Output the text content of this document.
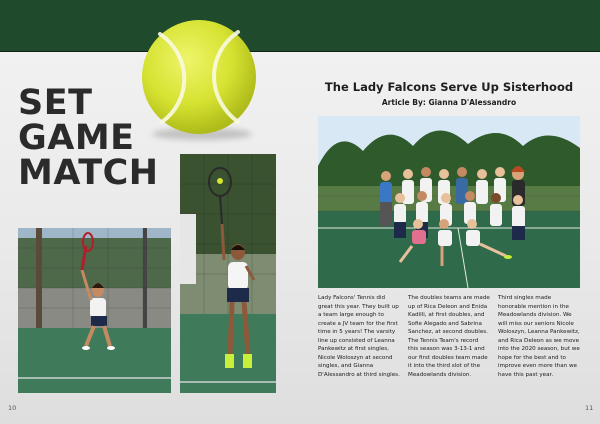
SET
GAME
MATCH
The Lady Falcons Serve Up Sisterhood
Article By: Gianna D'Alessandro
Lady Falcons' Tennis did great this year. They built up a team large enough to create a JV team for the first time in 5 years! The varsity line up consisted of Leanna Pankewitz at first singles, Nicole Woloszyn at second singles, and Gianna D'Alessandro at third singles.
The doubles teams are made up of Rica Deleon and Enida Kadilli, at first doubles, and Sofie Alegado and Sabrina Sanchez, at second doubles. The Tennis Team's record this season was 3-13-1 and our first doubles team made it into the third slot of the Meadowlands division.
Third singles made honorable mention in the Meadowlands division. We will miss our seniors Nicole Woloszyn, Leanna Pankewitz, and Rica Deleon as we move into the 2020 season, but we hope for the best and to improve even more than we have this past year.
10	11
